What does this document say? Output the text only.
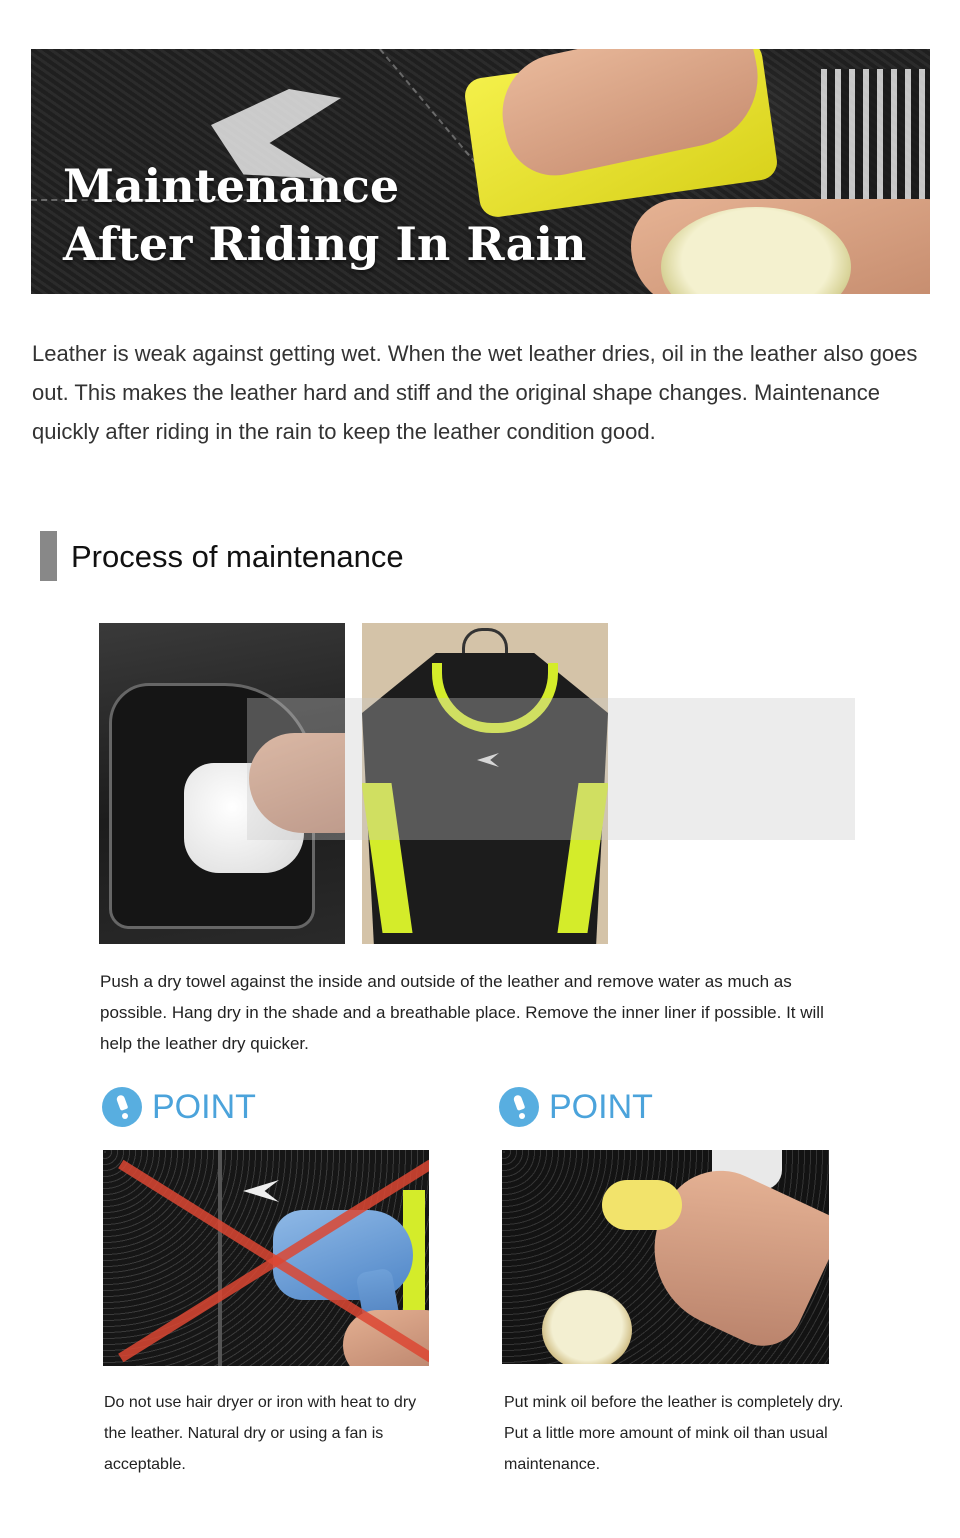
Maintenance
After Riding In Rain

Leather is weak against getting wet. When the wet leather dries, oil in the leather also goes out. This makes the leather hard and stiff and the original shape changes. Maintenance quickly after riding in the rain to keep the leather condition good.

Process of maintenance

Push a dry towel against the inside and outside of the leather and remove water as much as possible. Hang dry in the shade and a breathable place. Remove the inner liner if possible. It will help the leather dry quicker.

POINT	POINT

Do not use hair dryer or iron with heat to dry the leather. Natural dry or using a fan is acceptable.

Put mink oil before the leather is completely dry. Put a little more amount of mink oil than usual maintenance.
